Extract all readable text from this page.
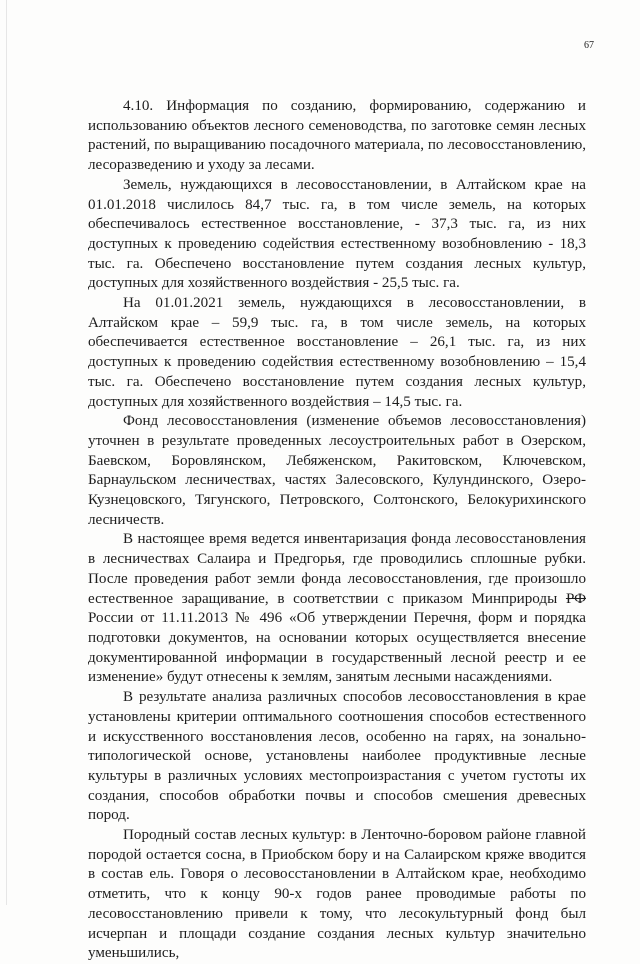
67

4.10. Информация по созданию, формированию, содержанию и использованию объектов лесного семеноводства, по заготовке семян лесных растений, по выращиванию посадочного материала, по лесовосстановлению, лесоразведению и уходу за лесами.

Земель, нуждающихся в лесовосстановлении, в Алтайском крае на 01.01.2018 числилось 84,7 тыс. га, в том числе земель, на которых обеспечивалось естественное восстановление, - 37,3 тыс. га, из них доступных к проведению содействия естественному возобновлению - 18,3 тыс. га. Обеспечено восстановление путем создания лесных культур, доступных для хозяйственного воздействия - 25,5 тыс. га.

На 01.01.2021 земель, нуждающихся в лесовосстановлении, в Алтайском крае – 59,9 тыс. га, в том числе земель, на которых обеспечивается естественное восстановление – 26,1 тыс. га, из них доступных к проведению содействия естественному возобновлению – 15,4 тыс. га. Обеспечено восстановление путем создания лесных культур, доступных для хозяйственного воздействия – 14,5 тыс. га.

Фонд лесовосстановления (изменение объемов лесовосстановления) уточнен в результате проведенных лесоустроительных работ в Озерском, Баевском, Боровлянском, Лебяженском, Ракитовском, Ключевском, Барнаульском лесничествах, частях Залесовского, Кулундинского, Озеро-Кузнецовского, Тягунского, Петровского, Солтонского, Белокурихинского лесничеств.

В настоящее время ведется инвентаризация фонда лесовосстановления в лесничествах Салаира и Предгорья, где проводились сплошные рубки. После проведения работ земли фонда лесовосстановления, где произошло естественное заращивание, в соответствии с приказом Минприроды РФ России от 11.11.2013 № 496 «Об утверждении Перечня, форм и порядка подготовки документов, на основании которых осуществляется внесение документированной информации в государственный лесной реестр и ее изменение» будут отнесены к землям, занятым лесными насаждениями.

В результате анализа различных способов лесовосстановления в крае установлены критерии оптимального соотношения способов естественного и искусственного восстановления лесов, особенно на гарях, на зонально-типологической основе, установлены наиболее продуктивные лесные культуры в различных условиях местопроизрастания с учетом густоты их создания, способов обработки почвы и способов смешения древесных пород.

Породный состав лесных культур: в Ленточно-боровом районе главной породой остается сосна, в Приобском бору и на Салаирском кряже вводится в состав ель. Говоря о лесовосстановлении в Алтайском крае, необходимо отметить, что к концу 90-х годов ранее проводимые работы по лесовосстановлению привели к тому, что лесокультурный фонд был исчерпан и площади создание создания лесных культур значительно уменьшились,
